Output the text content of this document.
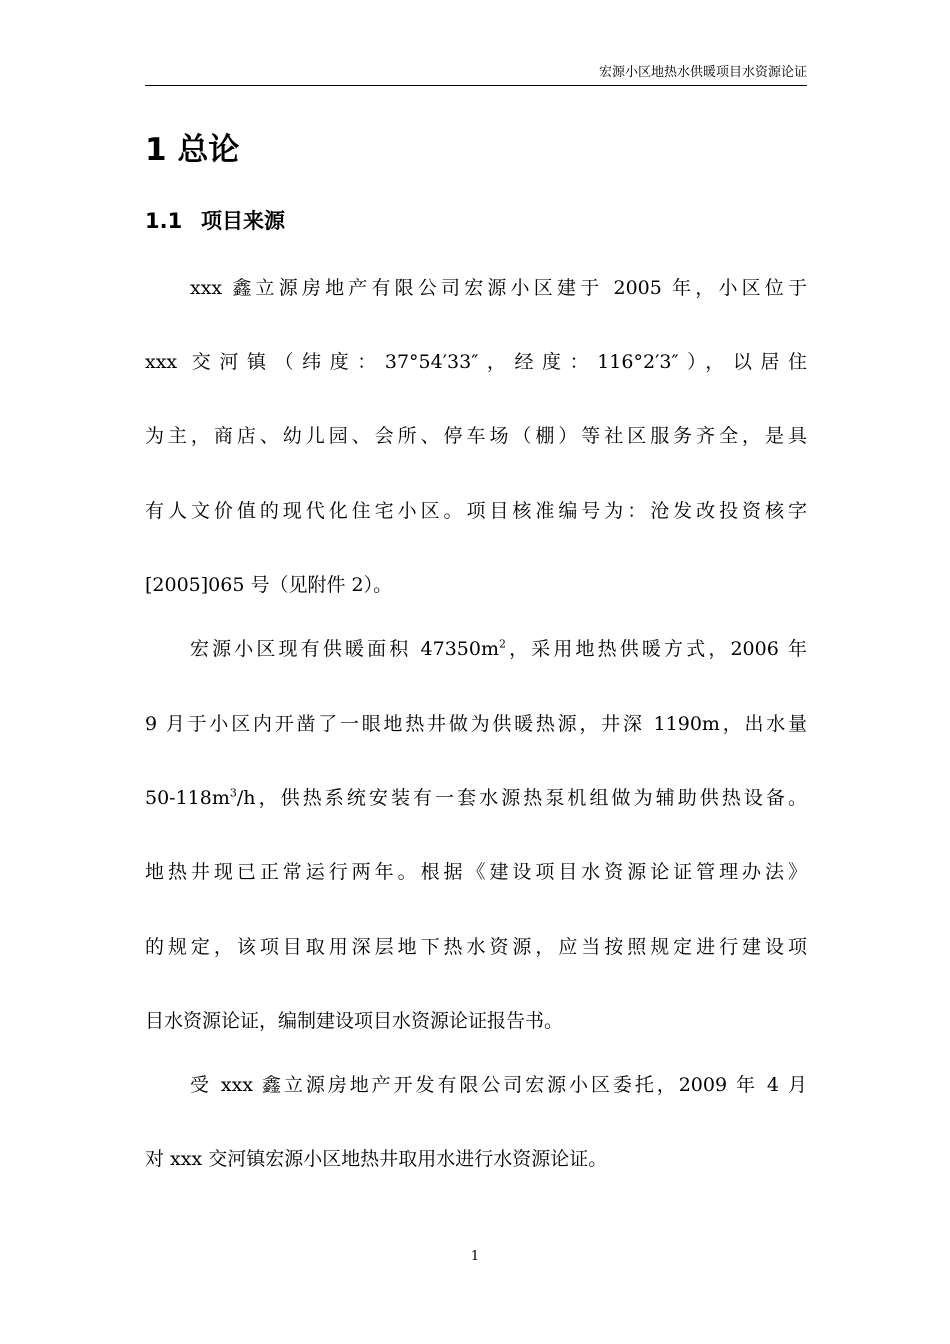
宏源小区地热水供暖项目水资源论证
1 总论
1.1 项目来源
xxx 鑫立源房地产有限公司宏源小区建于 2005 年，小区位于
xxx 交河镇（纬度：37°54′33″，经度：116°2′3″），以居住
为主，商店、幼儿园、会所、停车场（棚）等社区服务齐全，是具
有人文价值的现代化住宅小区。项目核准编号为：沧发改投资核字
[2005]065 号（见附件 2）。
宏源小区现有供暖面积 $47350m^2$，采用地热供暖方式，2006 年
9 月于小区内开凿了一眼地热井做为供暖热源，井深 1190m，出水量
$50-118m^3/h$，供热系统安装有一套水源热泵机组做为辅助供热设备。
地热井现已正常运行两年。根据《建设项目水资源论证管理办法》
的规定，该项目取用深层地下热水资源，应当按照规定进行建设项
目水资源论证，编制建设项目水资源论证报告书。
受 xxx 鑫立源房地产开发有限公司宏源小区委托，2009 年 4 月
对 xxx 交河镇宏源小区地热井取用水进行水资源论证。
1
